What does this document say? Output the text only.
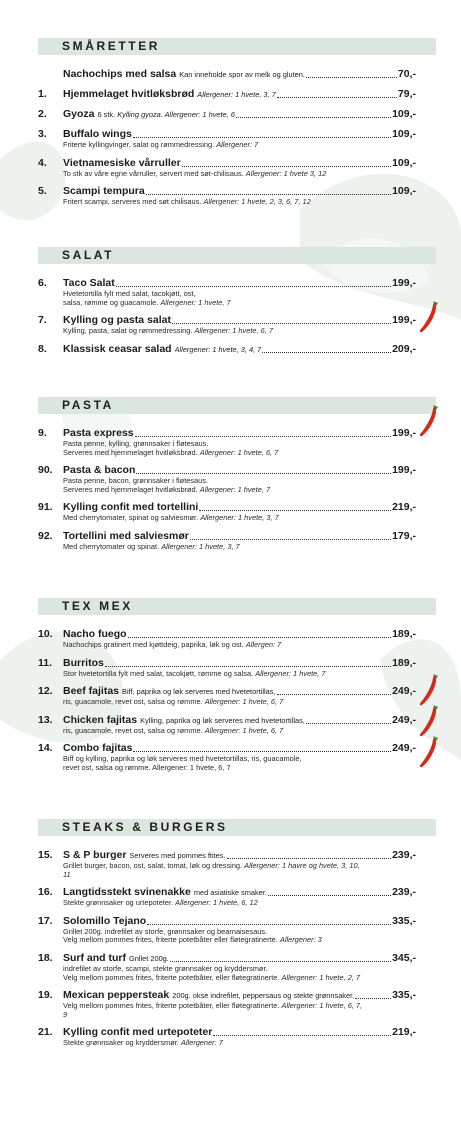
SMÅRETTER
Nachochips med salsa Kan inneholde spor av melk og gluten.	70,-
1. Hjemmelaget hvitløksbrød Allergener: 1 hvete, 3, 7	79,-
2. Gyoza 6 stk. Kylling gyoza. Allergener: 1 hvete, 6	109,-
3. Buffalo wings	109,-
Friterte kyllingvinger, salat og rømmedressing. Allergener: 7
4. Vietnamesiske vårruller	109,-
To stk av våre egne vårruller, servert med søt-chilisaus. Allergener: 1 hvete 3, 12
5. Scampi tempura	109,-
Fritert scampi, serveres med søt chilisaus. Allergener: 1 hvete, 2, 3, 6, 7, 12
SALAT
6. Taco Salat	199,-
Hvetetortilla fylt med salat, tacokjøtt, ost,
salsa, rømme og guacamole. Allergener: 1 hvete, 7
7. Kylling og pasta salat	199,-
Kylling, pasta, salat og rømmedressing. Allergener: 1 hvete, 6, 7
8. Klassisk ceasar salad Allergener: 1 hvete, 3, 4, 7	209,-
PASTA
9. Pasta express	199,-
Pasta penne, kylling, grønnsaker i fløtesaus.
Serveres med hjemmelaget hvitløksbrød. Allergener: 1 hvete, 6, 7
90. Pasta & bacon	199,-
Pasta penne, bacon, grønnsaker i fløtesaus.
Serveres med hjemmelaget hvitløksbrød. Allergener: 1 hvete, 7
91. Kylling confit med tortellini	219,-
Med cherrytomater, spinat og salviesmør. Allergener: 1 hvete, 3, 7
92. Tortellini med salviesmør	179,-
Med cherrytomater og spinat. Allergener: 1 hvete, 3, 7
TEX MEX
10. Nacho fuego	189,-
Nachochips gratinert med kjøttdeig, paprika, løk og ost. Allergen: 7
11. Burritos	189,-
Stor hvetetortilla fylt med salat, tacokjøtt, rømme og salsa. Allergener: 1 hvete, 7
12. Beef fajitas Biff, paprika og løk serveres med hvetetortillas,	249,-
ris, guacamole, revet ost, salsa og rømme. Allergener: 1 hvete, 6, 7
13. Chicken fajitas Kylling, paprika og løk serveres med hvetetortillas,	249,-
ris, guacamole, revet ost, salsa og rømme. Allergener: 1 hvete, 6, 7
14. Combo fajitas	249,-
Biff og kylling, paprika og løk serveres med hvetetortillas, ris, guacamole,
revet ost, salsa og rømme. Allergener: 1 hvete, 6, 7
STEAKS & BURGERS
15. S & P burger Serveres med pommes ftites.	239,-
Grillet burger, bacon, ost, salat, tomat, løk og dressing. Allergener: 1 havre og hvete, 3, 10, 11
16. Langtidsstekt svinenakke med asiatiske smaker.	239,-
Stekte grønnsaker og urtepoteter. Allergener: 1 hvete, 6, 12
17. Solomillo Tejano	335,-
Grillet 200g. indrefilet av storfe, grønnsaker og bearnaisesaus.
Velg mellom pommes frites, friterte potetbåter eller fløtegratinerte. Allergener: 3
18. Surf and turf Grillet 200g.	345,-
indrefilet av storfe, scampi, stekte grønnsaker og kryddersmør.
Velg mellom pommes frites, friterte potetbåter, eller fløtegratinerte. Allergener: 1 hvete, 2, 7
19. Mexican peppersteak 200g. okse indrefilet, peppersaus og stekte grønnsaker.	335,-
Velg mellom pommes frites, friterte potetbåter, eller fløtegratinerte. Allergener: 1 hvete, 6, 7, 9
21. Kylling confit med urtepoteter	219,-
Stekte grønnsaker og kryddersmør. Allergener: 7
